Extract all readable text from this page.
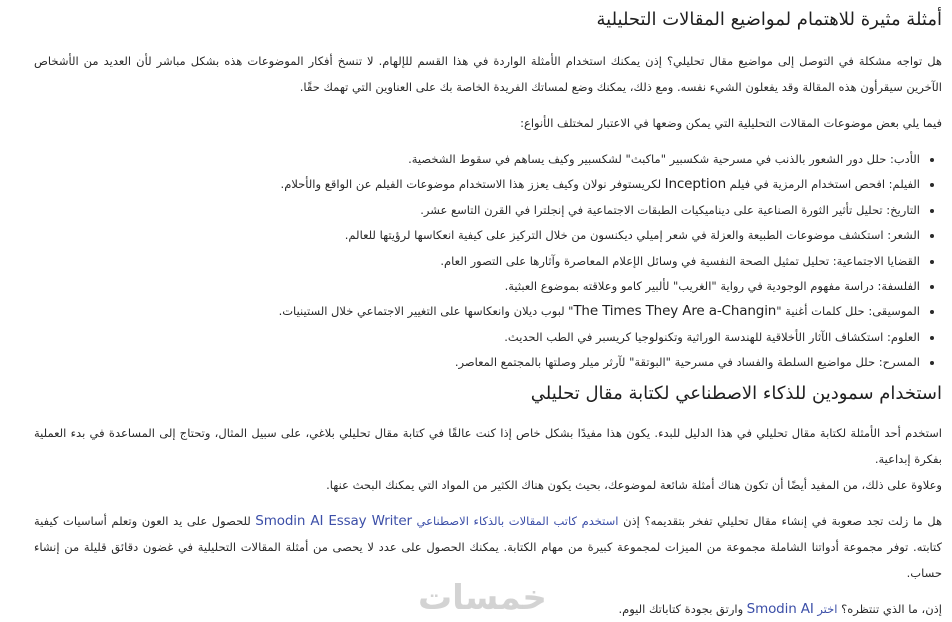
أمثلة مثيرة للاهتمام لمواضيع المقالات التحليلية

هل تواجه مشكلة في التوصل إلى مواضيع مقال تحليلي؟ إذن يمكنك استخدام الأمثلة الواردة في هذا القسم للإلهام. لا تنسخ أفكار الموضوعات هذه بشكل مباشر لأن العديد من الأشخاص الآخرين سيقرأون هذه المقالة وقد يفعلون الشيء نفسه. ومع ذلك، يمكنك وضع لمساتك الفريدة الخاصة بك على العناوين التي تهمك حقًا.

فيما يلي بعض موضوعات المقالات التحليلية التي يمكن وضعها في الاعتبار لمختلف الأنواع:

• الأدب: حلل دور الشعور بالذنب في مسرحية شكسبير "ماكبث" لشكسبير وكيف يساهم في سقوط الشخصية.
• الفيلم: افحص استخدام الرمزية في فيلم Inception لكريستوفر نولان وكيف يعزز هذا الاستخدام موضوعات الفيلم عن الواقع والأحلام.
• التاريخ: تحليل تأثير الثورة الصناعية على ديناميكيات الطبقات الاجتماعية في إنجلترا في القرن التاسع عشر.
• الشعر: استكشف موضوعات الطبيعة والعزلة في شعر إميلي ديكنسون من خلال التركيز على كيفية انعكاسها لرؤيتها للعالم.
• القضايا الاجتماعية: تحليل تمثيل الصحة النفسية في وسائل الإعلام المعاصرة وآثارها على التصور العام.
• الفلسفة: دراسة مفهوم الوجودية في رواية "الغريب" لألبير كامو وعلاقته بموضوع العبثية.
• الموسيقى: حلل كلمات أغنية "The Times They Are a-Changin" لبوب ديلان وانعكاسها على التغيير الاجتماعي خلال الستينيات.
• العلوم: استكشاف الآثار الأخلاقية للهندسة الوراثية وتكنولوجيا كريسبر في الطب الحديث.
• المسرح: حلل مواضيع السلطة والفساد في مسرحية "البوتقة" لآرثر ميلر وصلتها بالمجتمع المعاصر.
استخدام سمودين للذكاء الاصطناعي لكتابة مقال تحليلي

استخدم أحد الأمثلة لكتابة مقال تحليلي في هذا الدليل للبدء. يكون هذا مفيدًا بشكل خاص إذا كنت عالقًا في كتابة مقال تحليلي بلاغي، على سبيل المثال، وتحتاج إلى المساعدة في بدء العملية بفكرة إبداعية.

وعلاوة على ذلك، من المفيد أيضًا أن تكون هناك أمثلة شائعة لموضوعك، بحيث يكون هناك الكثير من المواد التي يمكنك البحث عنها.

هل ما زلت تجد صعوبة في إنشاء مقال تحليلي تفخر بتقديمه؟ إذن استخدم كاتب المقالات بالذكاء الاصطناعي Smodin AI Essay Writer للحصول على يد العون وتعلم أساسيات كيفية كتابته. توفر مجموعة أدواتنا الشاملة مجموعة من الميزات لمجموعة كبيرة من مهام الكتابة. يمكنك الحصول على عدد لا يحصى من أمثلة المقالات التحليلية في غضون دقائق قليلة من إنشاء حساب.

إذن، ما الذي تنتظره؟ اختر Smodin AI وارتق بجودة كتاباتك اليوم.

خمسات
